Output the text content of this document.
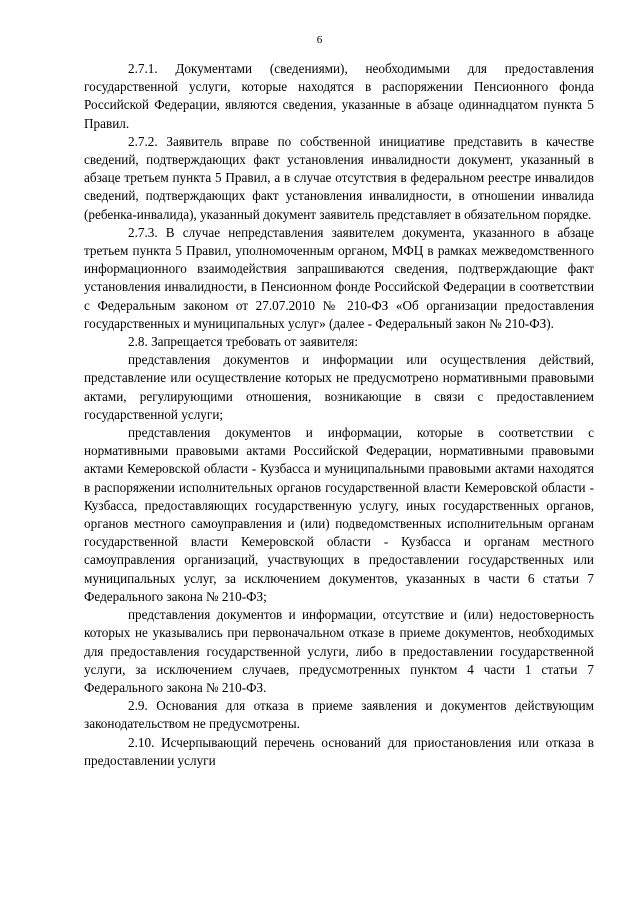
6

2.7.1. Документами (сведениями), необходимыми для предоставления государственной услуги, которые находятся в распоряжении Пенсионного фонда Российской Федерации, являются сведения, указанные в абзаце одиннадцатом пункта 5 Правил.

2.7.2. Заявитель вправе по собственной инициативе представить в качестве сведений, подтверждающих факт установления инвалидности документ, указанный в абзаце третьем пункта 5 Правил, а в случае отсутствия в федеральном реестре инвалидов сведений, подтверждающих факт установления инвалидности, в отношении инвалида (ребенка-инвалида), указанный документ заявитель представляет в обязательном порядке.

2.7.3. В случае непредставления заявителем документа, указанного в абзаце третьем пункта 5 Правил, уполномоченным органом, МФЦ в рамках межведомственного информационного взаимодействия запрашиваются сведения, подтверждающие факт установления инвалидности, в Пенсионном фонде Российской Федерации в соответствии с Федеральным законом от 27.07.2010 № 210-ФЗ «Об организации предоставления государственных и муниципальных услуг» (далее - Федеральный закон № 210-ФЗ).

2.8. Запрещается требовать от заявителя:

представления документов и информации или осуществления действий, представление или осуществление которых не предусмотрено нормативными правовыми актами, регулирующими отношения, возникающие в связи с предоставлением государственной услуги;

представления документов и информации, которые в соответствии с нормативными правовыми актами Российской Федерации, нормативными правовыми актами Кемеровской области - Кузбасса и муниципальными правовыми актами находятся в распоряжении исполнительных органов государственной власти Кемеровской области - Кузбасса, предоставляющих государственную услугу, иных государственных органов, органов местного самоуправления и (или) подведомственных исполнительным органам государственной власти Кемеровской области - Кузбасса и органам местного самоуправления организаций, участвующих в предоставлении государственных или муниципальных услуг, за исключением документов, указанных в части 6 статьи 7 Федерального закона № 210-ФЗ;

представления документов и информации, отсутствие и (или) недостоверность которых не указывались при первоначальном отказе в приеме документов, необходимых для предоставления государственной услуги, либо в предоставлении государственной услуги, за исключением случаев, предусмотренных пунктом 4 части 1 статьи 7 Федерального закона № 210-ФЗ.

2.9. Основания для отказа в приеме заявления и документов действующим законодательством не предусмотрены.

2.10. Исчерпывающий перечень оснований для приостановления или отказа в предоставлении услуги
